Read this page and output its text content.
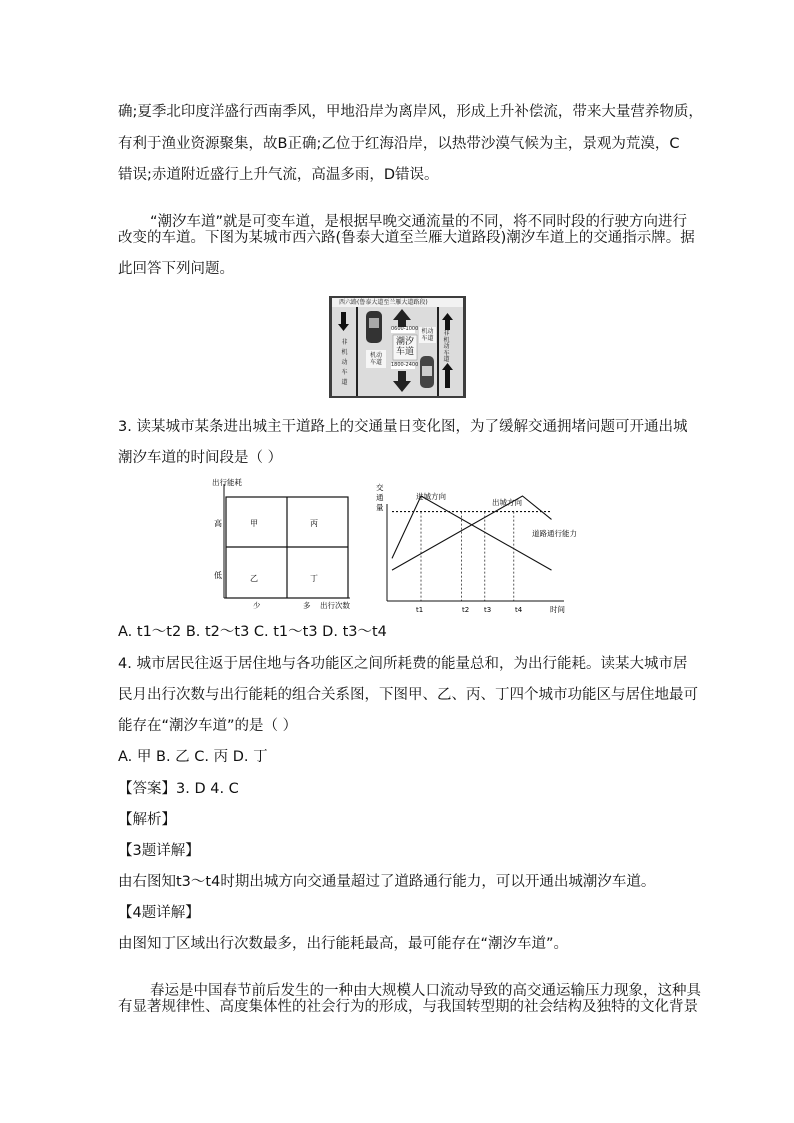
确;夏季北印度洋盛行西南季风，甲地沿岸为离岸风，形成上升补偿流，带来大量营养物质，

有利于渔业资源聚集，故B正确;乙位于红海沿岸，以热带沙漠气候为主，景观为荒漠，C

错误;赤道附近盛行上升气流，高温多雨，D错误。

“潮汐车道”就是可变车道，是根据早晚交通流量的不同，将不同时段的行驶方向进行

改变的车道。下图为某城市西六路(鲁泰大道至兰雁大道路段)潮汐车道上的交通指示牌。据

此回答下列问题。

西六路(鲁泰大道至兰雁大道路段)
0600-1000
1800-2400
潮汐车道
机动车道
机动车道
非机动车道
非机动车道

3. 读某城市某条进出城主干道路上的交通量日变化图，为了缓解交通拥堵问题可开通出城

潮汐车道的时间段是（ ）

出行能耗
出行次数
高
低
少	多
甲	丙
乙	丁
交通量
时间
t1	t2 t3	t4
进城方向
出城方向
道路通行能力

A. t1～t2 B. t2～t3 C. t1～t3 D. t3～t4

4. 城市居民往返于居住地与各功能区之间所耗费的能量总和，为出行能耗。读某大城市居

民月出行次数与出行能耗的组合关系图，下图甲、乙、丙、丁四个城市功能区与居住地最可

能存在“潮汐车道”的是（ ）

A. 甲 B. 乙 C. 丙 D. 丁

【答案】3. D 4. C

【解析】

【3题详解】

由右图知t3～t4时期出城方向交通量超过了道路通行能力，可以开通出城潮汐车道。

【4题详解】

由图知丁区域出行次数最多，出行能耗最高，最可能存在“潮汐车道”。

春运是中国春节前后发生的一种由大规模人口流动导致的高交通运输压力现象，这种具

有显著规律性、高度集体性的社会行为的形成，与我国转型期的社会结构及独特的文化背景
